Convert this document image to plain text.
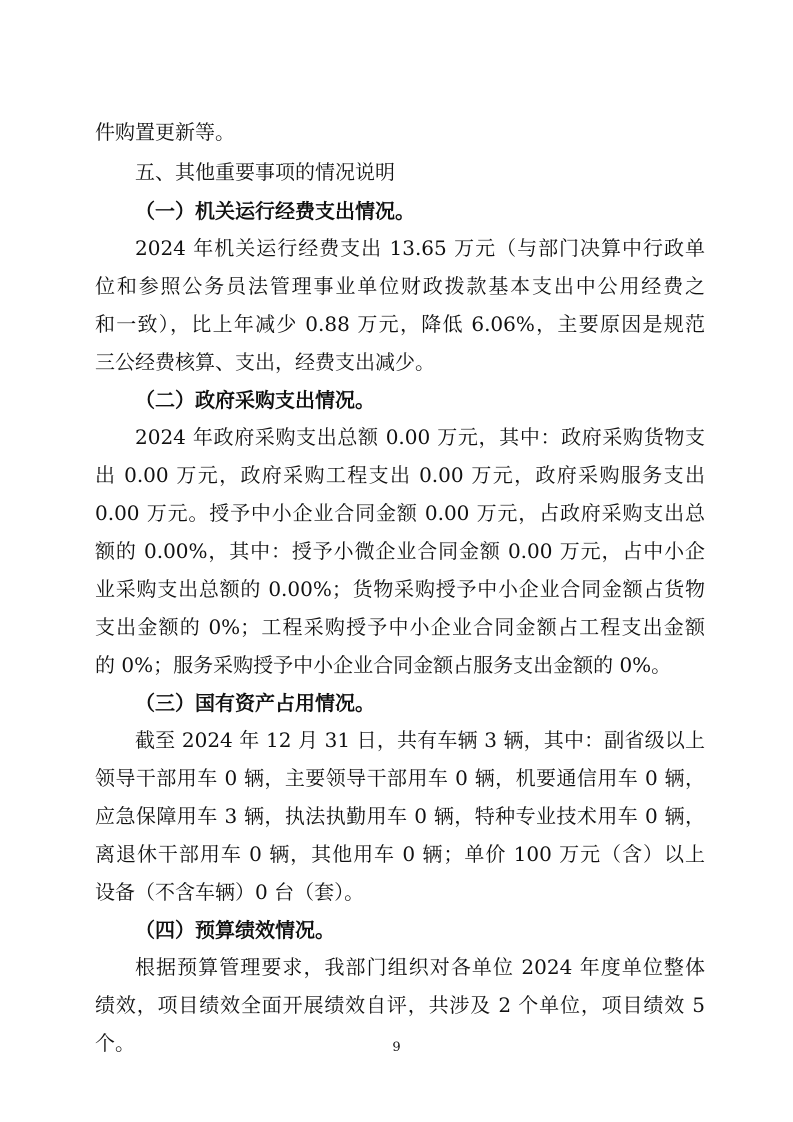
件购置更新等。
五、其他重要事项的情况说明
（一）机关运行经费支出情况。
2024 年机关运行经费支出 13.65 万元（与部门决算中行政单
位和参照公务员法管理事业单位财政拨款基本支出中公用经费之
和一致），比上年减少 0.88 万元，降低 6.06%，主要原因是规范
三公经费核算、支出，经费支出减少。
（二）政府采购支出情况。
2024 年政府采购支出总额 0.00 万元，其中：政府采购货物支
出 0.00 万元，政府采购工程支出 0.00 万元，政府采购服务支出
0.00 万元。授予中小企业合同金额 0.00 万元，占政府采购支出总
额的 0.00%，其中：授予小微企业合同金额 0.00 万元，占中小企
业采购支出总额的 0.00%；货物采购授予中小企业合同金额占货物
支出金额的 0%；工程采购授予中小企业合同金额占工程支出金额
的 0%；服务采购授予中小企业合同金额占服务支出金额的 0%。
（三）国有资产占用情况。
截至 2024 年 12 月 31 日，共有车辆 3 辆，其中：副省级以上
领导干部用车 0 辆，主要领导干部用车 0 辆，机要通信用车 0 辆，
应急保障用车 3 辆，执法执勤用车 0 辆，特种专业技术用车 0 辆，
离退休干部用车 0 辆，其他用车 0 辆；单价 100 万元（含）以上
设备（不含车辆）0 台（套）。
（四）预算绩效情况。
根据预算管理要求，我部门组织对各单位 2024 年度单位整体
绩效，项目绩效全面开展绩效自评，共涉及 2 个单位，项目绩效 5
个。	9
